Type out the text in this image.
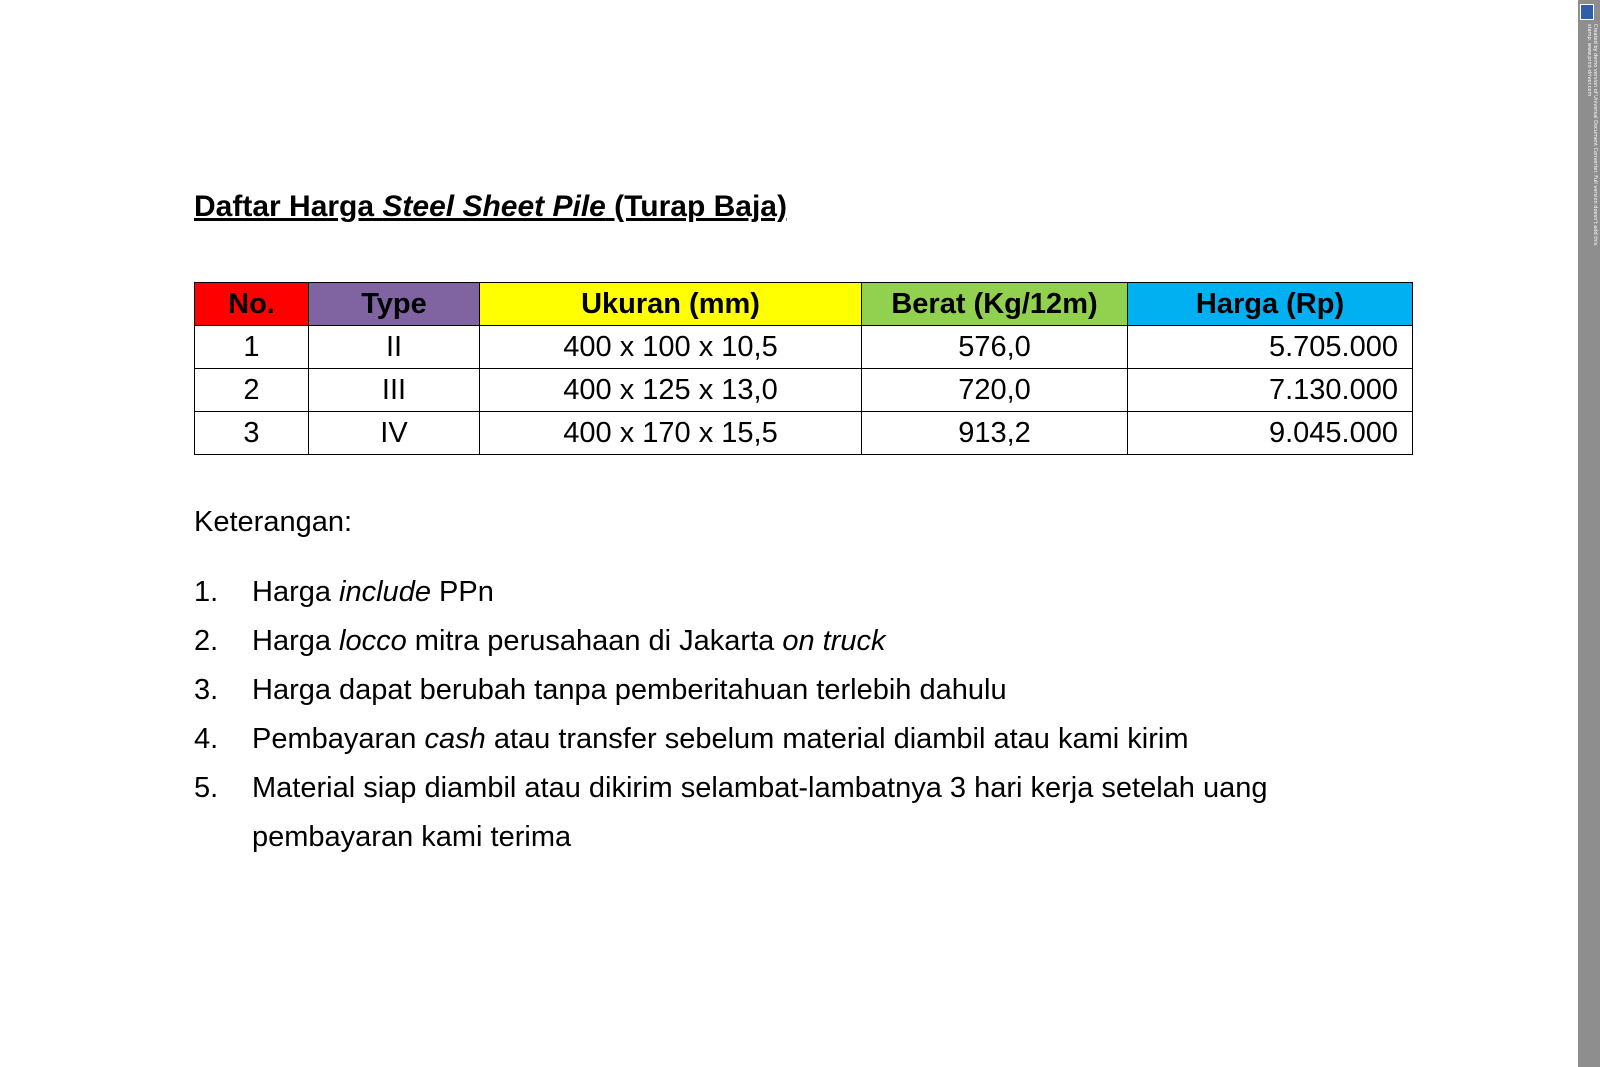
Daftar Harga Steel Sheet Pile (Turap Baja)
No.	Type	Ukuran (mm)	Berat (Kg/12m)	Harga (Rp)
1	II	400 x 100 x 10,5	576,0	5.705.000
2	III	400 x 125 x 13,0	720,0	7.130.000
3	IV	400 x 170 x 15,5	913,2	9.045.000
Keterangan:
1. Harga include PPn
2. Harga locco mitra perusahaan di Jakarta on truck
3. Harga dapat berubah tanpa pemberitahuan terlebih dahulu
4. Pembayaran cash atau transfer sebelum material diambil atau kami kirim
5. Material siap diambil atau dikirim selambat-lambatnya 3 hari kerja setelah uang pembayaran kami terima
Created by demo version of Universal Document Converter. Full version doesn't add this stamp. www.print-driver.com
